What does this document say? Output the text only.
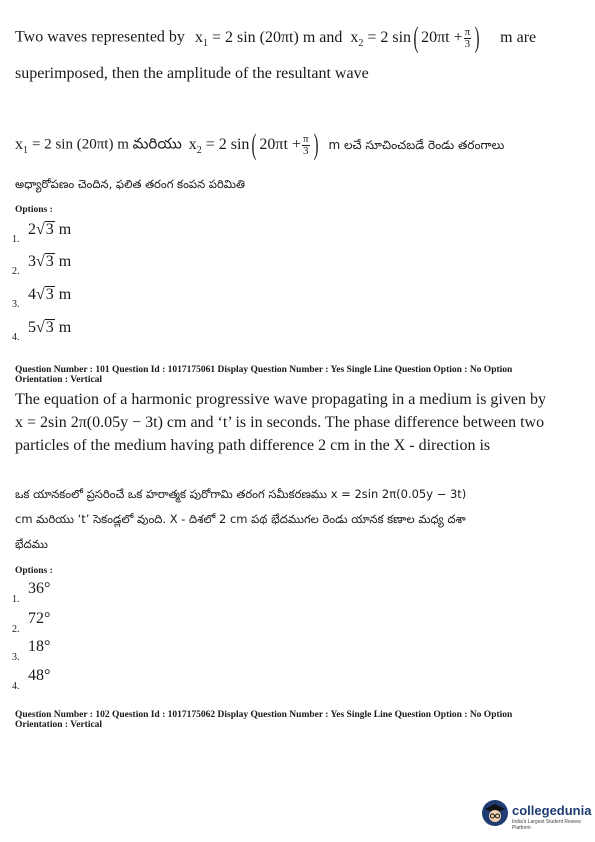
Two waves represented by $x_1 = 2$ sin (20πt) m and $x_2 = 2$ sin( $20\pi t + \frac{\pi}{3}$ ) m are
superimposed, then the amplitude of the resultant wave
$x_1 = 2$ sin (20πt) m మరియు $x_2 = 2$ sin( $20\pi t + \frac{\pi}{3}$ ) m లచే సూచించబడే రెండు తరంగాలు
అధ్యారోపణం చెందిన, ఫలిత తరంగ కంపన పరిమితి
Options :
1.
2√3 m
2.
3√3 m
3.
4√3 m
4.
5√3 m
Question Number : 101 Question Id : 1017175061 Display Question Number : Yes Single Line Question Option : No Option
Orientation : Vertical
The equation of a harmonic progressive wave propagating in a medium is given by
x = 2sin 2π(0.05y − 3t) cm and ‘t’ is in seconds. The phase difference between two
particles of the medium having path difference 2 cm in the X - direction is
ఒక యానకంలో ప్రసరించే ఒక హరాత్మక పురోగామి తరంగ సమీకరణము x = 2sin 2π(0.05y − 3t)
cm మరియు ‘t’ సెకండ్లలో వుంది. X - దిశలో 2 cm పథ భేదముగల రెండు యానక కణాల మధ్య దశా
భేదము
Options :
1.
36°
2.
72°
3.
18°
4.
48°
Question Number : 102 Question Id : 1017175062 Display Question Number : Yes Single Line Question Option : No Option
Orientation : Vertical
collegedunia
India's Largest Student Review Platform
